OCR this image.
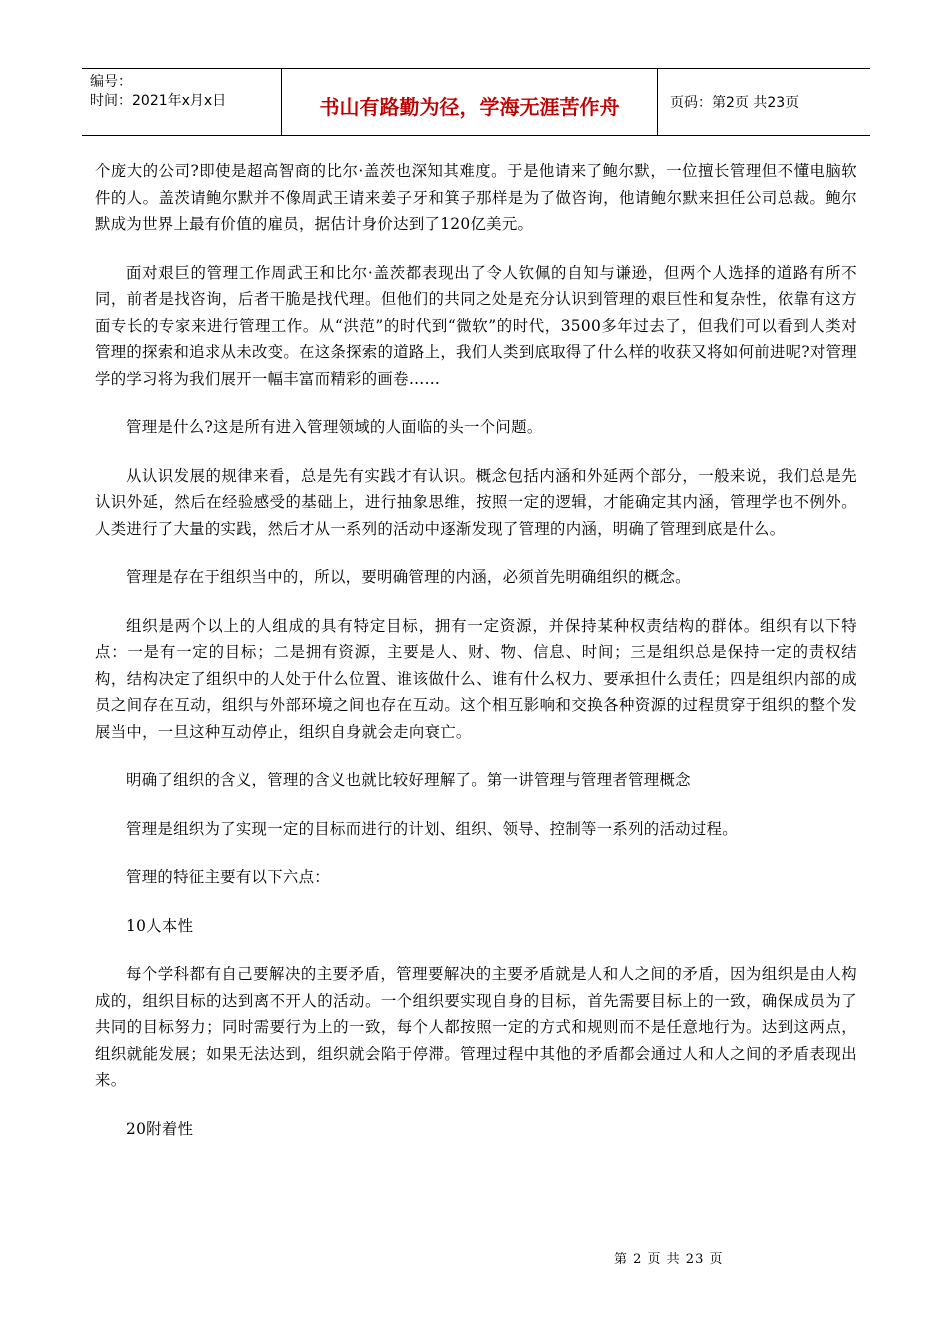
编号：
时间：2021年x月x日	书山有路勤为径，学海无涯苦作舟	页码：第2页 共23页

个庞大的公司?即使是超高智商的比尔·盖茨也深知其难度。于是他请来了鲍尔默，一位擅长管理但不懂电脑软件的人。盖茨请鲍尔默并不像周武王请来姜子牙和箕子那样是为了做咨询，他请鲍尔默来担任公司总裁。鲍尔默成为世界上最有价值的雇员，据估计身价达到了120亿美元。

面对艰巨的管理工作周武王和比尔·盖茨都表现出了令人钦佩的自知与谦逊，但两个人选择的道路有所不同，前者是找咨询，后者干脆是找代理。但他们的共同之处是充分认识到管理的艰巨性和复杂性，依靠有这方面专长的专家来进行管理工作。从“洪范”的时代到“微软”的时代，3500多年过去了，但我们可以看到人类对管理的探索和追求从未改变。在这条探索的道路上，我们人类到底取得了什么样的收获又将如何前进呢?对管理学的学习将为我们展开一幅丰富而精彩的画卷……

管理是什么?这是所有进入管理领域的人面临的头一个问题。

从认识发展的规律来看，总是先有实践才有认识。概念包括内涵和外延两个部分，一般来说，我们总是先认识外延，然后在经验感受的基础上，进行抽象思维，按照一定的逻辑，才能确定其内涵，管理学也不例外。人类进行了大量的实践，然后才从一系列的活动中逐渐发现了管理的内涵，明确了管理到底是什么。

管理是存在于组织当中的，所以，要明确管理的内涵，必须首先明确组织的概念。

组织是两个以上的人组成的具有特定目标，拥有一定资源，并保持某种权责结构的群体。组织有以下特点：一是有一定的目标；二是拥有资源，主要是人、财、物、信息、时间；三是组织总是保持一定的责权结构，结构决定了组织中的人处于什么位置、谁该做什么、谁有什么权力、要承担什么责任；四是组织内部的成员之间存在互动，组织与外部环境之间也存在互动。这个相互影响和交换各种资源的过程贯穿于组织的整个发展当中，一旦这种互动停止，组织自身就会走向衰亡。

明确了组织的含义，管理的含义也就比较好理解了。第一讲管理与管理者管理概念

管理是组织为了实现一定的目标而进行的计划、组织、领导、控制等一系列的活动过程。

管理的特征主要有以下六点：

10人本性

每个学科都有自己要解决的主要矛盾，管理要解决的主要矛盾就是人和人之间的矛盾，因为组织是由人构成的，组织目标的达到离不开人的活动。一个组织要实现自身的目标，首先需要目标上的一致，确保成员为了共同的目标努力；同时需要行为上的一致，每个人都按照一定的方式和规则而不是任意地行为。达到这两点，组织就能发展；如果无法达到，组织就会陷于停滞。管理过程中其他的矛盾都会通过人和人之间的矛盾表现出来。

20附着性

第 2 页 共 23 页
